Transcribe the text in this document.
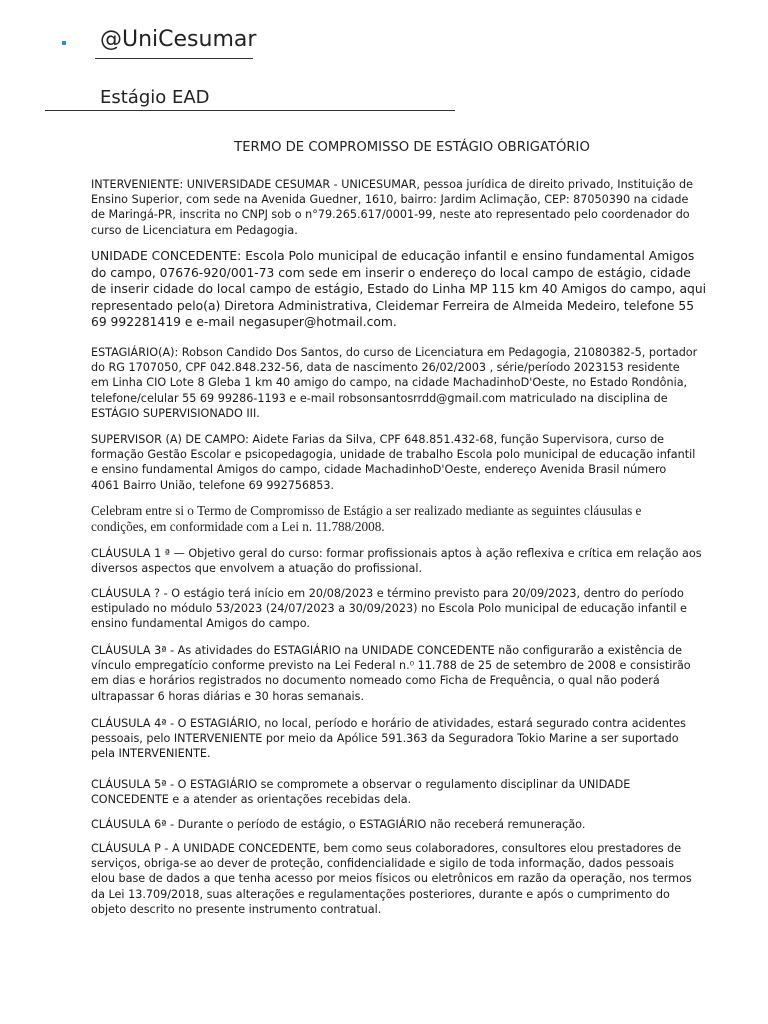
@UniCesumar
Estágio EAD
TERMO DE COMPROMISSO DE ESTÁGIO OBRIGATÓRIO

INTERVENIENTE: UNIVERSIDADE CESUMAR - UNICESUMAR, pessoa jurídica de direito privado, Instituição de
Ensino Superior, com sede na Avenida Guedner, 1610, bairro: Jardim Aclimação, CEP: 87050390 na cidade
de Maringá-PR, inscrita no CNPJ sob o n°79.265.617/0001-99, neste ato representado pelo coordenador do
curso de Licenciatura em Pedagogia.

UNIDADE CONCEDENTE: Escola Polo municipal de educação infantil e ensino fundamental Amigos
do campo, 07676-920/001-73 com sede em inserir o endereço do local campo de estágio, cidade
de inserir cidade do local campo de estágio, Estado do Linha MP 115 km 40 Amigos do campo, aqui
representado pelo(a) Diretora Administrativa, Cleidemar Ferreira de Almeida Medeiro, telefone 55
69 992281419 e e-mail negasuper@hotmail.com.

ESTAGIÁRIO(A): Robson Candido Dos Santos, do curso de Licenciatura em Pedagogia, 21080382-5, portador
do RG 1707050, CPF 042.848.232-56, data de nascimento 26/02/2003 , série/período 2023153 residente
em Linha CIO Lote 8 Gleba 1 km 40 amigo do campo, na cidade MachadinhoD'Oeste, no Estado Rondônia,
telefone/celular 55 69 99286-1193 e e-mail robsonsantosrrdd@gmail.com matriculado na disciplina de
ESTÁGIO SUPERVISIONADO III.

SUPERVISOR (A) DE CAMPO: Aidete Farias da Silva, CPF 648.851.432-68, função Supervisora, curso de
formação Gestão Escolar e psicopedagogia, unidade de trabalho Escola polo municipal de educação infantil
e ensino fundamental Amigos do campo, cidade MachadinhoD'Oeste, endereço Avenida Brasil número
4061 Bairro União, telefone 69 992756853.

Celebram entre si o Termo de Compromisso de Estágio a ser realizado mediante as seguintes cláusulas e
condições, em conformidade com a Lei n. 11.788/2008.

CLÁUSULA 1 ª — Objetivo geral do curso: formar profissionais aptos à ação reflexiva e crítica em relação aos
diversos aspectos que envolvem a atuação do profissional.

CLÁUSULA ? - O estágio terá início em 20/08/2023 e término previsto para 20/09/2023, dentro do período
estipulado no módulo 53/2023 (24/07/2023 a 30/09/2023) no Escola Polo municipal de educação infantil e
ensino fundamental Amigos do campo.

CLÁUSULA 3ª - As atividades do ESTAGIÁRIO na UNIDADE CONCEDENTE não configurarão a existência de
vínculo empregatício conforme previsto na Lei Federal n.⁰ 11.788 de 25 de setembro de 2008 e consistirão
em dias e horários registrados no documento nomeado como Ficha de Frequência, o qual não poderá
ultrapassar 6 horas diárias e 30 horas semanais.

CLÁUSULA 4ª - O ESTAGIÁRIO, no local, período e horário de atividades, estará segurado contra acidentes
pessoais, pelo INTERVENIENTE por meio da Apólice 591.363 da Seguradora Tokio Marine a ser suportado
pela INTERVENIENTE.

CLÁUSULA 5ª - O ESTAGIÁRIO se compromete a observar o regulamento disciplinar da UNIDADE
CONCEDENTE e a atender as orientações recebidas dela.

CLÁUSULA 6ª - Durante o período de estágio, o ESTAGIÁRIO não receberá remuneração.

CLÁUSULA P - A UNIDADE CONCEDENTE, bem como seus colaboradores, consultores elou prestadores de
serviços, obriga-se ao dever de proteção, confidencialidade e sigilo de toda informação, dados pessoais
elou base de dados a que tenha acesso por meios físicos ou eletrônicos em razão da operação, nos termos
da Lei 13.709/2018, suas alterações e regulamentações posteriores, durante e após o cumprimento do
objeto descrito no presente instrumento contratual.
